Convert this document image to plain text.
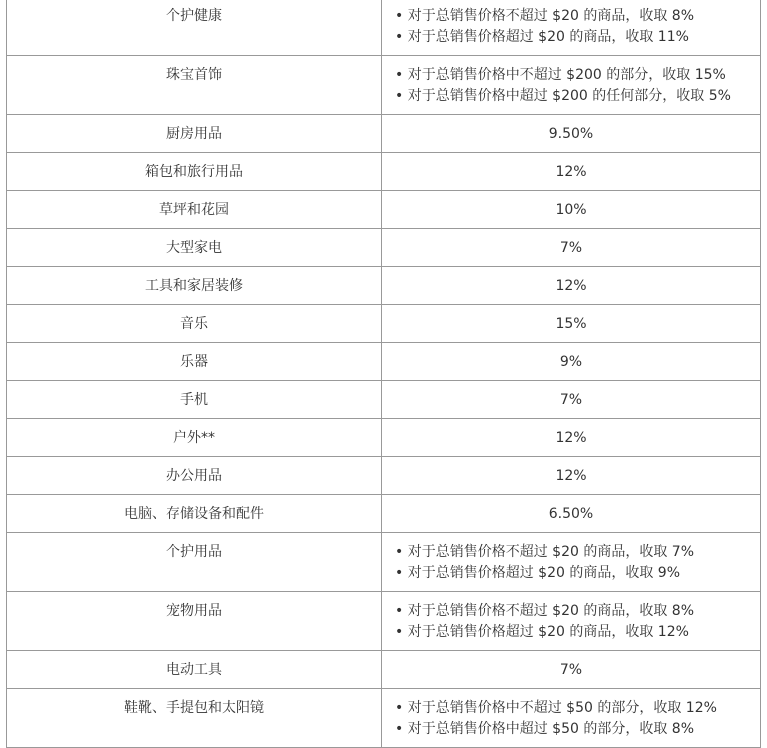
个护健康	• 对于总销售价格不超过 $20 的商品，收取 8%
• 对于总销售价格超过 $20 的商品，收取 11%

珠宝首饰	• 对于总销售价格中不超过 $200 的部分，收取 15%
• 对于总销售价格中超过 $200 的任何部分，收取 5%

厨房用品	9.50%
箱包和旅行用品	12%
草坪和花园	10%
大型家电	7%
工具和家居装修	12%
音乐	15%
乐器	9%
手机	7%
户外**	12%
办公用品	12%
电脑、存储设备和配件	6.50%
个护用品	• 对于总销售价格不超过 $20 的商品，收取 7%
• 对于总销售价格超过 $20 的商品，收取 9%

宠物用品	• 对于总销售价格不超过 $20 的商品，收取 8%
• 对于总销售价格超过 $20 的商品，收取 12%

电动工具	7%
鞋靴、手提包和太阳镜	• 对于总销售价格中不超过 $50 的部分，收取 12%
• 对于总销售价格中超过 $50 的部分，收取 8%
